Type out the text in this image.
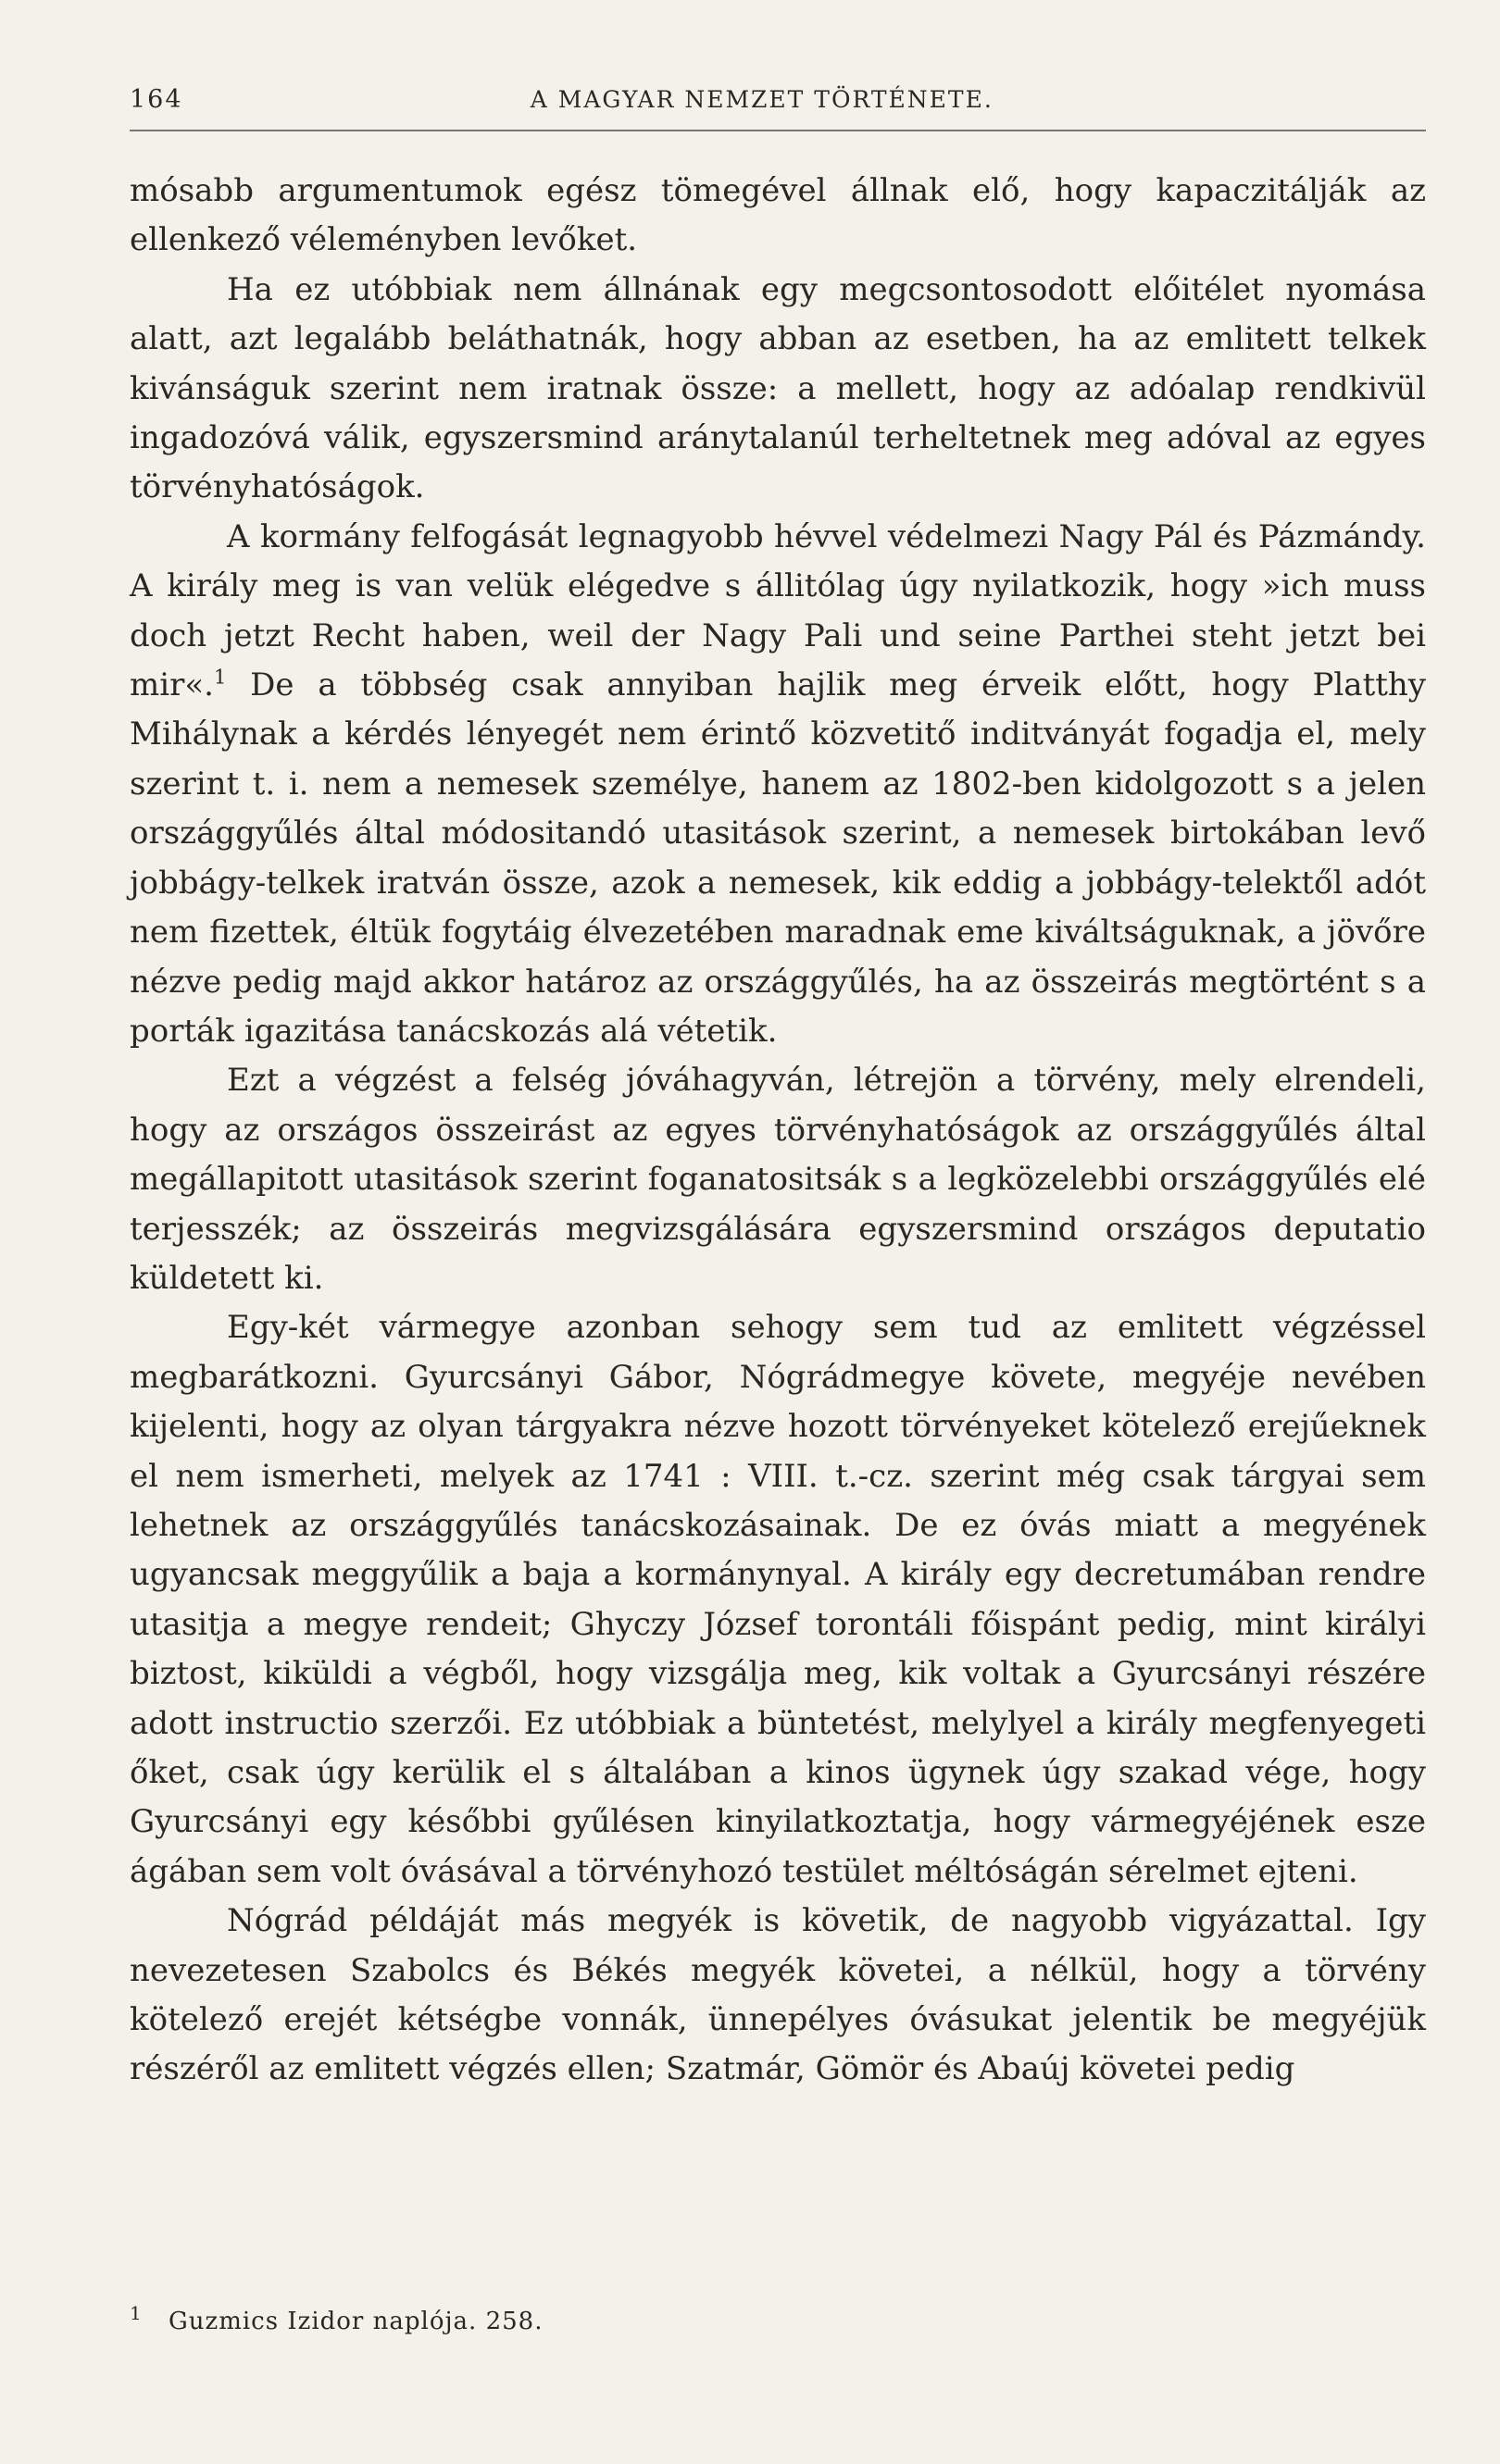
164	A MAGYAR NEMZET TÖRTÉNETE.

mósabb argumentumok egész tömegével állnak elő, hogy kapaczitálják az ellenkező véleményben levőket.

Ha ez utóbbiak nem állnának egy megcsontosodott előitélet nyomása alatt, azt legalább beláthatnák, hogy abban az esetben, ha az emlitett telkek kivánságuk szerint nem iratnak össze: a mellett, hogy az adóalap rendkivül ingadozóvá válik, egyszersmind aránytalanúl terheltetnek meg adóval az egyes törvényhatóságok.

A kormány felfogását legnagyobb hévvel védelmezi Nagy Pál és Pázmándy. A király meg is van velük elégedve s állitólag úgy nyilatkozik, hogy »ich muss doch jetzt Recht haben, weil der Nagy Pali und seine Parthei steht jetzt bei mir«.$^1$ De a többség csak annyiban hajlik meg érveik előtt, hogy Platthy Mihálynak a kérdés lényegét nem érintő közvetitő inditványát fogadja el, mely szerint t. i. nem a nemesek személye, hanem az 1802-ben kidolgozott s a jelen országgyűlés által módositandó utasitások szerint, a nemesek birtokában levő jobbágy-telkek iratván össze, azok a nemesek, kik eddig a jobbágy-telektől adót nem fizettek, éltük fogytáig élvezetében maradnak eme kiváltságuknak, a jövőre nézve pedig majd akkor határoz az országgyűlés, ha az összeirás megtörtént s a porták igazitása tanácskozás alá vétetik.

Ezt a végzést a felség jóváhagyván, létrejön a törvény, mely elrendeli, hogy az országos összeirást az egyes törvényhatóságok az országgyűlés által megállapitott utasitások szerint foganatositsák s a legközelebbi országgyűlés elé terjesszék; az összeirás megvizsgálására egyszersmind országos deputatio küldetett ki.

Egy-két vármegye azonban sehogy sem tud az emlitett végzéssel megbarátkozni. Gyurcsányi Gábor, Nógrádmegye követe, megyéje nevében kijelenti, hogy az olyan tárgyakra nézve hozott törvényeket kötelező erejűeknek el nem ismerheti, melyek az 1741 : VIII. t.-cz. szerint még csak tárgyai sem lehetnek az országgyűlés tanácskozásainak. De ez óvás miatt a megyének ugyancsak meggyűlik a baja a kormánynyal. A király egy decretumában rendre utasitja a megye rendeit; Ghyczy József torontáli főispánt pedig, mint királyi biztost, kiküldi a végből, hogy vizsgálja meg, kik voltak a Gyurcsányi részére adott instructio szerzői. Ez utóbbiak a büntetést, melylyel a király megfenyegeti őket, csak úgy kerülik el s általában a kinos ügynek úgy szakad vége, hogy Gyurcsányi egy későbbi gyűlésen kinyilatkoztatja, hogy vármegyéjének esze ágában sem volt óvásával a törvényhozó testület méltóságán sérelmet ejteni.

Nógrád példáját más megyék is követik, de nagyobb vigyázattal. Igy nevezetesen Szabolcs és Békés megyék követei, a nélkül, hogy a törvény kötelező erejét kétségbe vonnák, ünnepélyes óvásukat jelentik be megyéjük részéről az emlitett végzés ellen; Szatmár, Gömör és Abaúj követei pedig

1 Guzmics Izidor naplója. 258.
